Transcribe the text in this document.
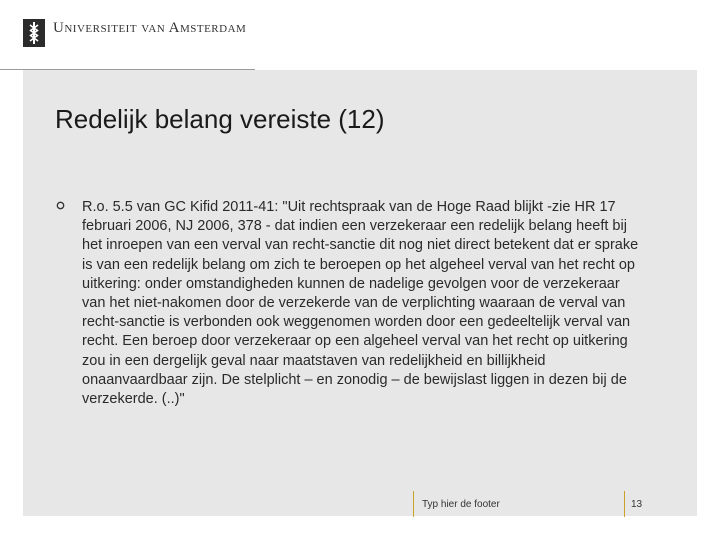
Universiteit van Amsterdam
Redelijk belang vereiste (12)
R.o. 5.5 van GC Kifid 2011-41: "Uit rechtspraak van de Hoge Raad blijkt -zie HR 17 februari 2006, NJ 2006, 378 - dat indien een verzekeraar een redelijk belang heeft bij het inroepen van een verval van recht-sanctie dit nog niet direct betekent dat er sprake is van een redelijk belang om zich te beroepen op het algeheel verval van het recht op uitkering: onder omstandigheden kunnen de nadelige gevolgen voor de verzekeraar van het niet-nakomen door de verzekerde van de verplichting waaraan de verval van recht-sanctie is verbonden ook weggenomen worden door een gedeeltelijk verval van recht. Een beroep door verzekeraar op een algeheel verval van het recht op uitkering zou in een dergelijk geval naar maatstaven van redelijkheid en billijkheid onaanvaardbaar zijn. De stelplicht – en zonodig – de bewijslast liggen in dezen bij de verzekerde. (..)"
Typ hier de footer	13
